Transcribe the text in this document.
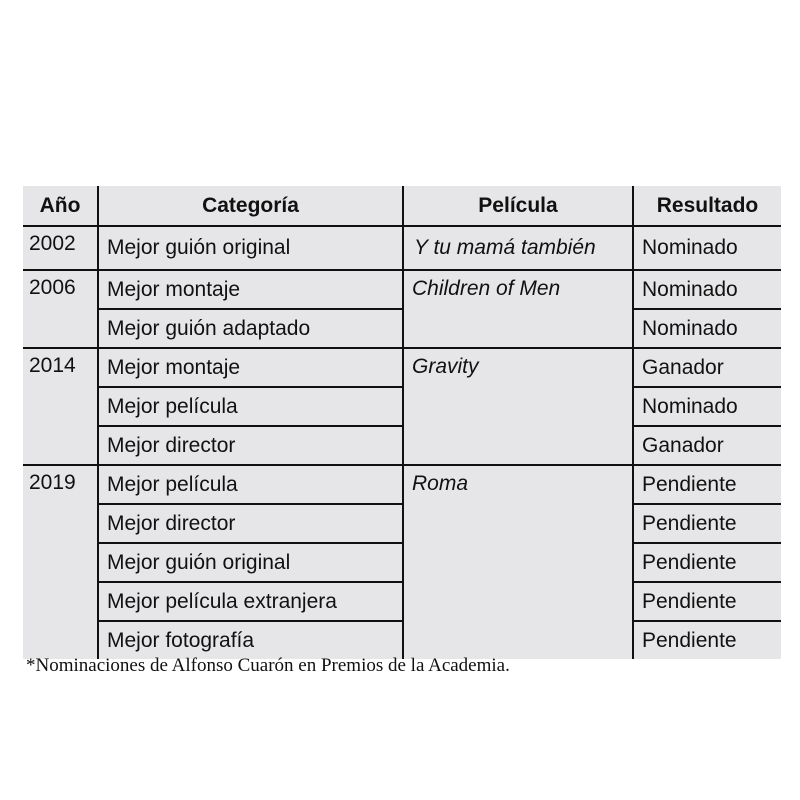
Año	Categoría	Película	Resultado
2002	Mejor guión original	Y tu mamá también	Nominado
2006	Mejor montaje	Children of Men	Nominado
	Mejor guión adaptado		Nominado
2014	Mejor montaje	Gravity	Ganador
	Mejor película		Nominado
	Mejor director		Ganador
2019	Mejor película	Roma	Pendiente
	Mejor director		Pendiente
	Mejor guión original		Pendiente
	Mejor película extranjera		Pendiente
	Mejor fotografía		Pendiente
*Nominaciones de Alfonso Cuarón en Premios de la Academia.
